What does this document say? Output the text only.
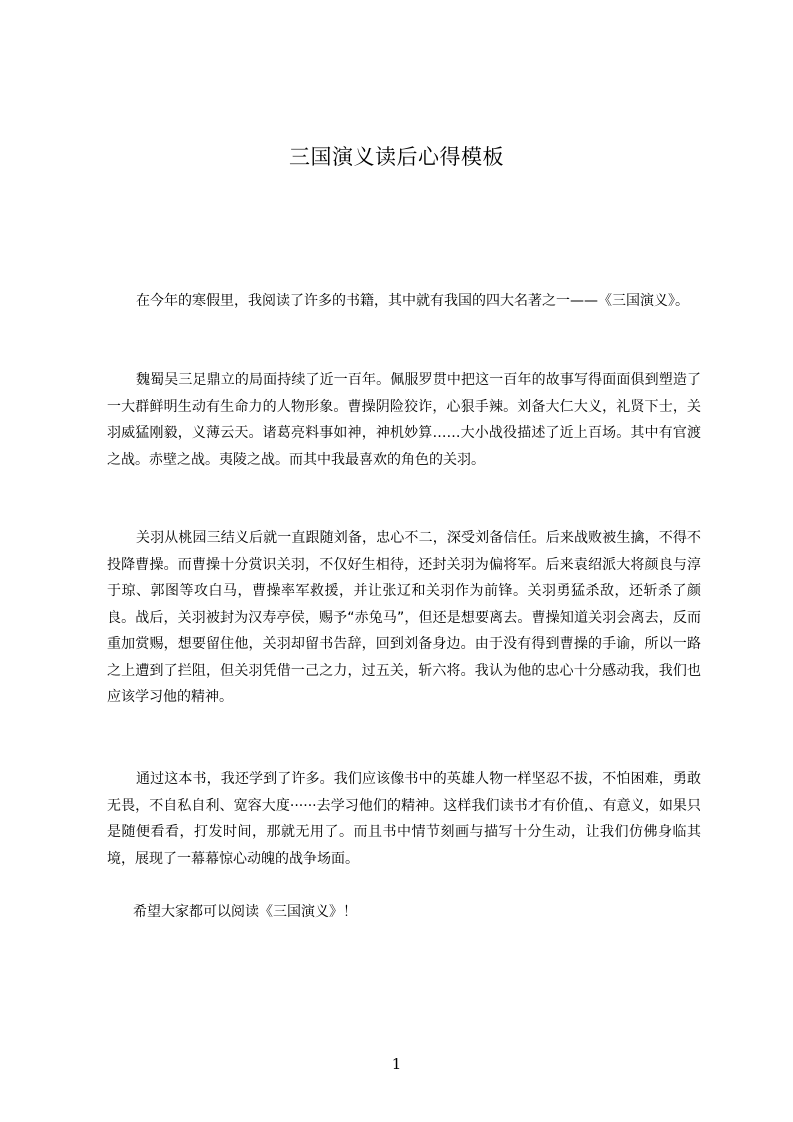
三国演义读后心得模板

在今年的寒假里，我阅读了许多的书籍，其中就有我国的四大名著之一——《三国演义》。

魏蜀吴三足鼎立的局面持续了近一百年。佩服罗贯中把这一百年的故事写得面面俱到塑造了一大群鲜明生动有生命力的人物形象。曹操阴险狡诈，心狠手辣。刘备大仁大义，礼贤下士，关羽威猛刚毅，义薄云天。诸葛亮料事如神，神机妙算……大小战役描述了近上百场。其中有官渡之战。赤壁之战。夷陵之战。而其中我最喜欢的角色的关羽。

关羽从桃园三结义后就一直跟随刘备，忠心不二，深受刘备信任。后来战败被生擒，不得不投降曹操。而曹操十分赏识关羽，不仅好生相待，还封关羽为偏将军。后来袁绍派大将颜良与淳于琼、郭图等攻白马，曹操率军救援，并让张辽和关羽作为前锋。关羽勇猛杀敌，还斩杀了颜良。战后，关羽被封为汉寿亭侯，赐予“赤兔马”，但还是想要离去。曹操知道关羽会离去，反而重加赏赐，想要留住他，关羽却留书告辞，回到刘备身边。由于没有得到曹操的手谕，所以一路之上遭到了拦阻，但关羽凭借一己之力，过五关，斩六将。我认为他的忠心十分感动我，我们也应该学习他的精神。

通过这本书，我还学到了许多。我们应该像书中的英雄人物一样坚忍不拔，不怕困难，勇敢无畏，不自私自利、宽容大度······去学习他们的精神。这样我们读书才有价值,、有意义，如果只是随便看看，打发时间，那就无用了。而且书中情节刻画与描写十分生动，让我们仿佛身临其境，展现了一幕幕惊心动魄的战争场面。

希望大家都可以阅读《三国演义》！

1
